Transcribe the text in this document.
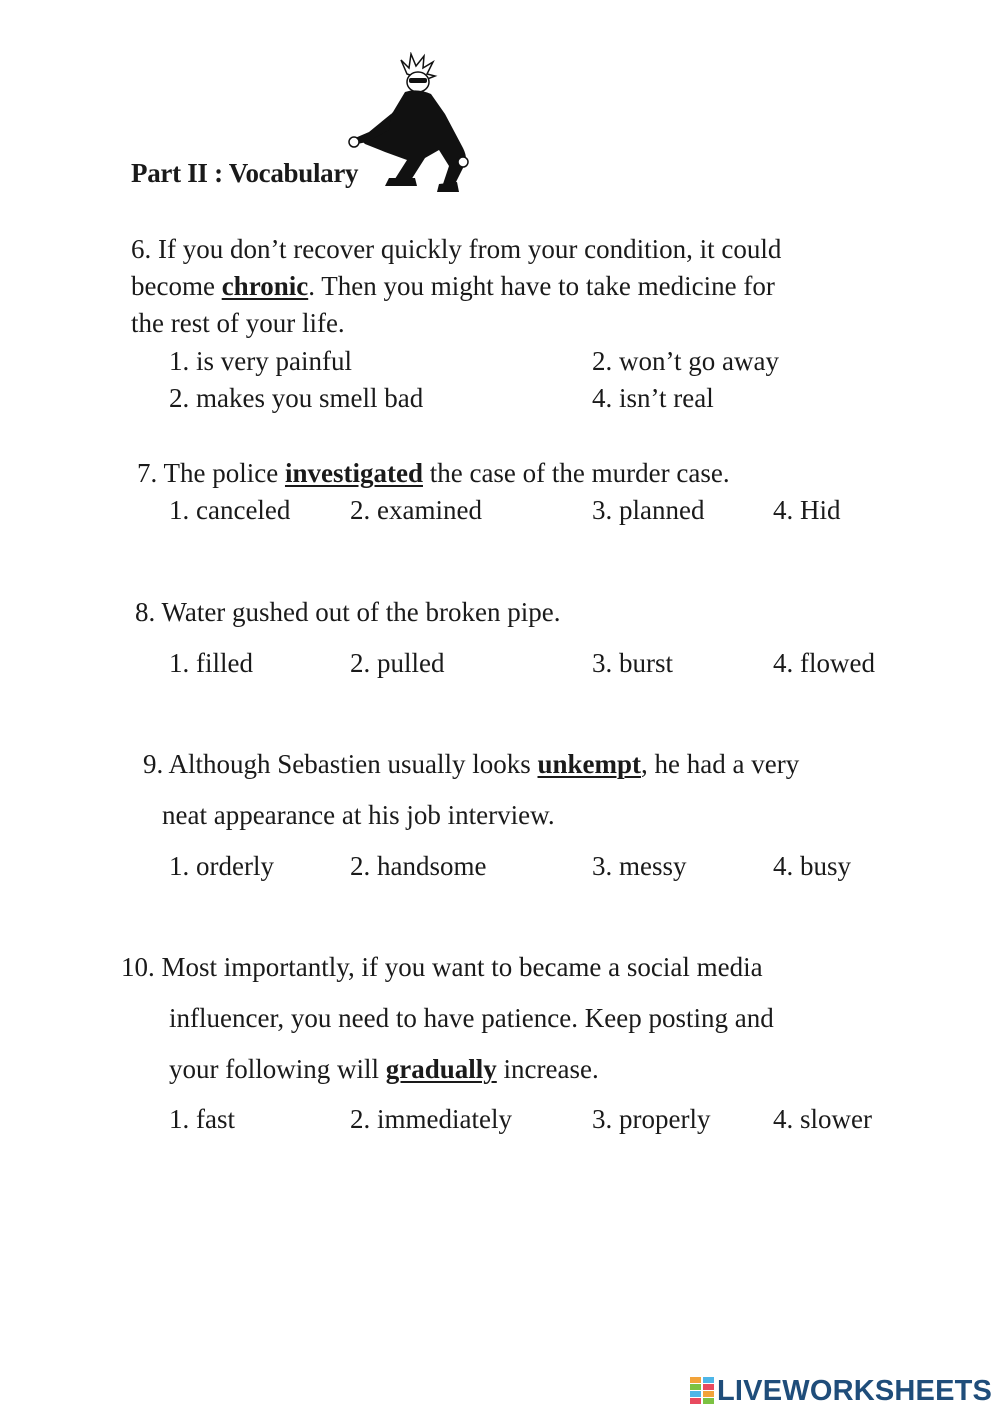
Part II : Vocabulary
6. If you don’t recover quickly from your condition, it could
become chronic. Then you might have to take medicine for
the rest of your life.
1. is very painful	2. won’t go away
2. makes you smell bad	4. isn’t real
7. The police investigated the case of the murder case.
1. canceled 2. examined	3. planned	4. Hid
8. Water gushed out of the broken pipe.
1. filled	2. pulled	3. burst	4. flowed
9. Although Sebastien usually looks unkempt, he had a very
neat appearance at his job interview.
1. orderly	2. handsome	3. messy	4. busy
10. Most importantly, if you want to became a social media
influencer, you need to have patience. Keep posting and
your following will gradually increase.
1. fast	2. immediately	3. properly 4. slower
LIVEWORKSHEETS
